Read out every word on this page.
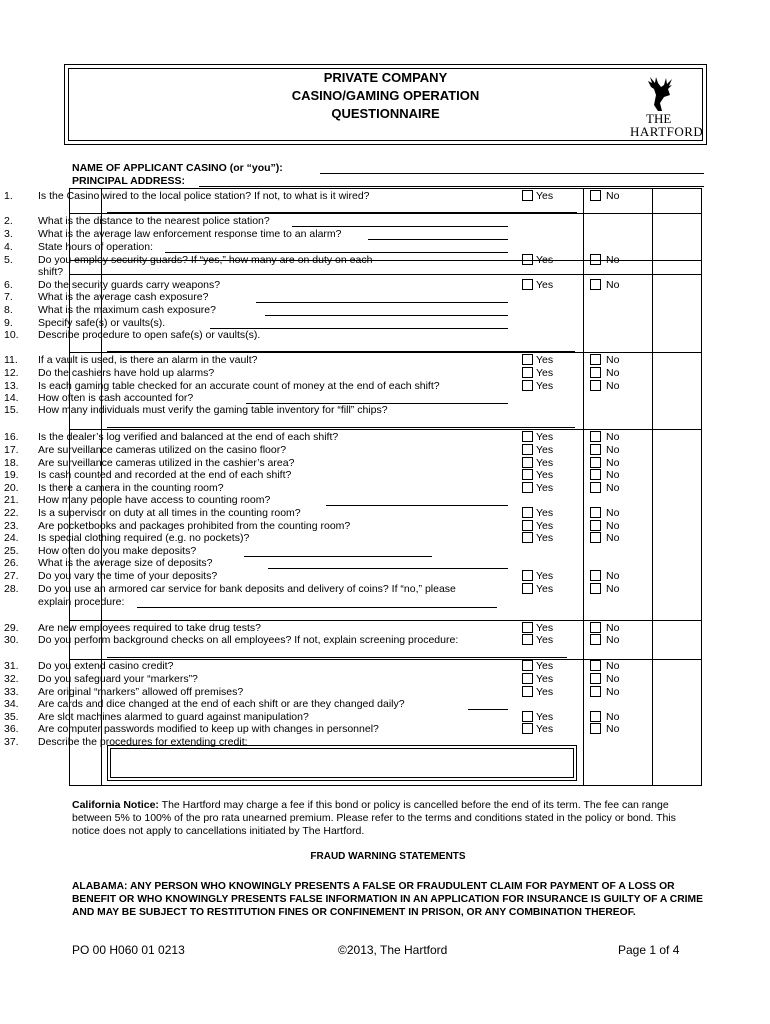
PRIVATE COMPANY
CASINO/GAMING OPERATION
QUESTIONNAIRE	THE
HARTFORD
NAME OF APPLICANT CASINO (or “you”):
PRINCIPAL ADDRESS:
1.	Is the Casino wired to the local police station? If not, to what is it wired?	Yes	No
2.	What is the distance to the nearest police station?
3.	What is the average law enforcement response time to an alarm?
4.	State hours of operation:
5.	Do you employ security guards? If “yes,” how many are on duty on each	Yes	No
shift?
6.	Do the security guards carry weapons?	Yes	No
7.	What is the average cash exposure?
8.	What is the maximum cash exposure?
9.	Specify safe(s) or vaults(s).
10.	Describe procedure to open safe(s) or vaults(s).
11.	If a vault is used, is there an alarm in the vault?	Yes	No
12.	Do the cashiers have hold up alarms?	Yes	No
13.	Is each gaming table checked for an accurate count of money at the end of each shift?	Yes	No
14.	How often is cash accounted for?
15.	How many individuals must verify the gaming table inventory for “fill” chips?
16.	Is the dealer’s log verified and balanced at the end of each shift?	Yes	No
17.	Are surveillance cameras utilized on the casino floor?	Yes	No
18.	Are surveillance cameras utilized in the cashier’s area?	Yes	No
19.	Is cash counted and recorded at the end of each shift?	Yes	No
20.	Is there a camera in the counting room?	Yes	No
21.	How many people have access to counting room?
22.	Is a supervisor on duty at all times in the counting room?	Yes	No
23.	Are pocketbooks and packages prohibited from the counting room?	Yes	No
24.	Is special clothing required (e.g. no pockets)?	Yes	No
25.	How often do you make deposits?
26.	What is the average size of deposits?
27.	Do you vary the time of your deposits?	Yes	No
28.	Do you use an armored car service for bank deposits and delivery of coins? If “no,” please	Yes	No
explain procedure:
29.	Are new employees required to take drug tests?	Yes	No
30.	Do you perform background checks on all employees? If not, explain screening procedure:	Yes	No
31.	Do you extend casino credit?	Yes	No
32.	Do you safeguard your “markers”?	Yes	No
33.	Are original “markers” allowed off premises?	Yes	No
34.	Are cards and dice changed at the end of each shift or are they changed daily?
35.	Are slot machines alarmed to guard against manipulation?	Yes	No
36.	Are computer passwords modified to keep up with changes in personnel?	Yes	No
37.	Describe the procedures for extending credit:
California Notice: The Hartford may charge a fee if this bond or policy is cancelled before the end of its term. The fee can range between 5% to 100% of the pro rata unearned premium. Please refer to the terms and conditions stated in the policy or bond. This notice does not apply to cancellations initiated by The Hartford.
FRAUD WARNING STATEMENTS
ALABAMA: ANY PERSON WHO KNOWINGLY PRESENTS A FALSE OR FRAUDULENT CLAIM FOR PAYMENT OF A LOSS OR BENEFIT OR WHO KNOWINGLY PRESENTS FALSE INFORMATION IN AN APPLICATION FOR INSURANCE IS GUILTY OF A CRIME AND MAY BE SUBJECT TO RESTITUTION FINES OR CONFINEMENT IN PRISON, OR ANY COMBINATION THEREOF.
PO 00 H060 01 0213	©2013, The Hartford	Page 1 of 4
